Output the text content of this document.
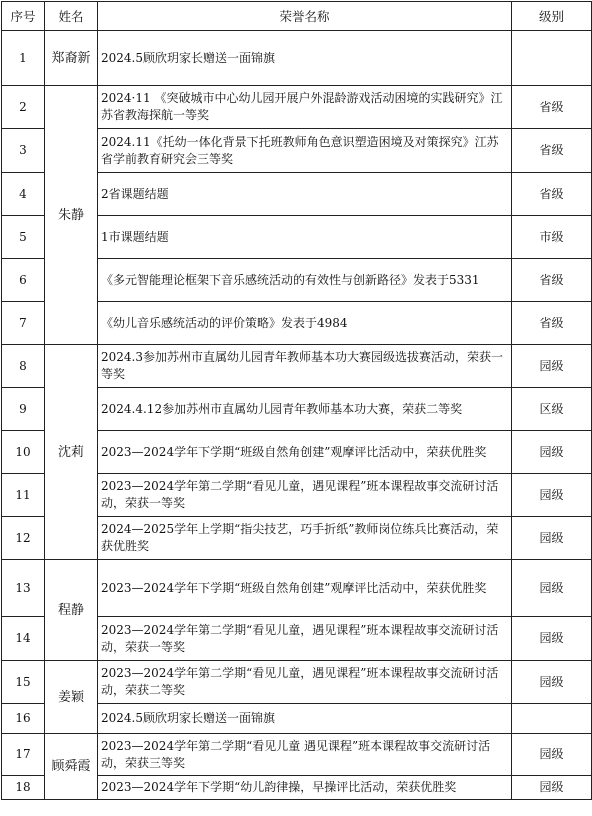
序号	姓名	荣誉名称	级别
1	郑裔新	2024.5顾欣玥家长赠送一面锦旗	
2	朱静	2024·11 《突破城市中心幼儿园开展户外混龄游戏活动困境的实践研究》江苏省教海探航一等奖	省级
3		2024.11《托幼一体化背景下托班教师角色意识塑造困境及对策探究》江苏省学前教育研究会三等奖	省级
4		2省课题结题	省级
5		1市课题结题	市级
6		《多元智能理论框架下音乐感统活动的有效性与创新路径》发表于5331	省级
7		《幼儿音乐感统活动的评价策略》发表于4984	省级
8	沈莉	2024.3参加苏州市直属幼儿园青年教师基本功大赛园级选拔赛活动，荣获一等奖	园级
9		2024.4.12参加苏州市直属幼儿园青年教师基本功大赛，荣获二等奖	区级
10		2023—2024学年下学期“班级自然角创建”观摩评比活动中，荣获优胜奖	园级
11		2023—2024学年第二学期“看见儿童，遇见课程”班本课程故事交流研讨活动，荣获一等奖	园级
12		2024—2025学年上学期“指尖技艺，巧手折纸”教师岗位练兵比赛活动，荣获优胜奖	园级
13	程静	2023—2024学年下学期“班级自然角创建”观摩评比活动中，荣获优胜奖	园级
14		2023—2024学年第二学期“看见儿童，遇见课程”班本课程故事交流研讨活动，荣获一等奖	园级
15	姜颖	2023—2024学年第二学期“看见儿童，遇见课程”班本课程故事交流研讨活动，荣获二等奖	园级
16		2024.5顾欣玥家长赠送一面锦旗	
17	顾舜霞	2023—2024学年第二学期“看见儿童 遇见课程”班本课程故事交流研讨活动，荣获三等奖	园级
18		2023—2024学年下学期“幼儿韵律操，早操评比活动，荣获优胜奖	园级
